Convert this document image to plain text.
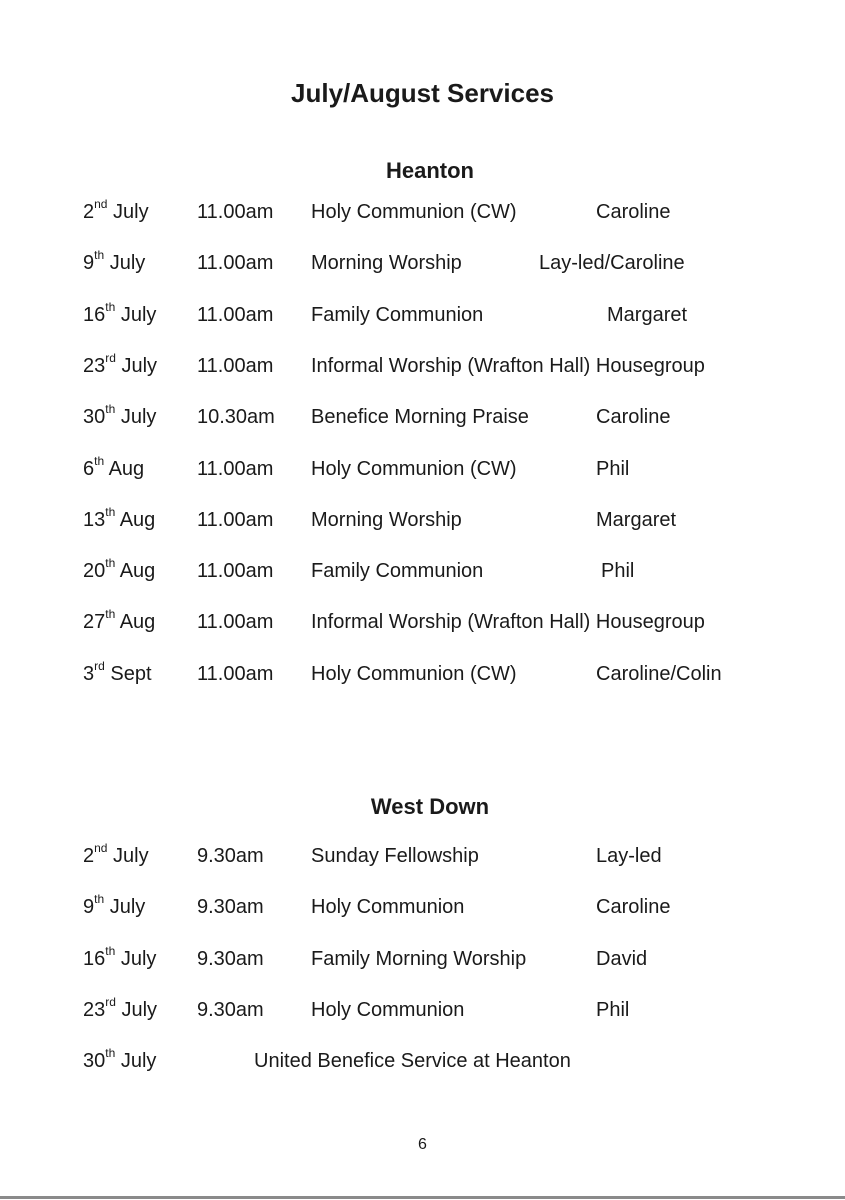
July/August Services
Heanton
2nd July 11.00am Holy Communion (CW)	Caroline
9th July	11.00am Morning Worship	Lay-led/Caroline
16th July 11.00am Family Communion	Margaret
23rd July 11.00am Informal Worship (Wrafton Hall) Housegroup
30th July 10.30am Benefice Morning Praise	Caroline
6th Aug	11.00am Holy Communion (CW)	Phil
13th Aug 11.00am Morning Worship	Margaret
20th Aug 11.00am Family Communion	Phil
27th Aug 11.00am Informal Worship (Wrafton Hall) Housegroup
3rd Sept 11.00am Holy Communion (CW)	Caroline/Colin
West Down
2nd July 9.30am Sunday Fellowship	Lay-led
9th July	9.30am Holy Communion	Caroline
16th July 9.30am Family Morning Worship	David
23rd July 9.30am Holy Communion	Phil
30th July	United Benefice Service at Heanton
6
